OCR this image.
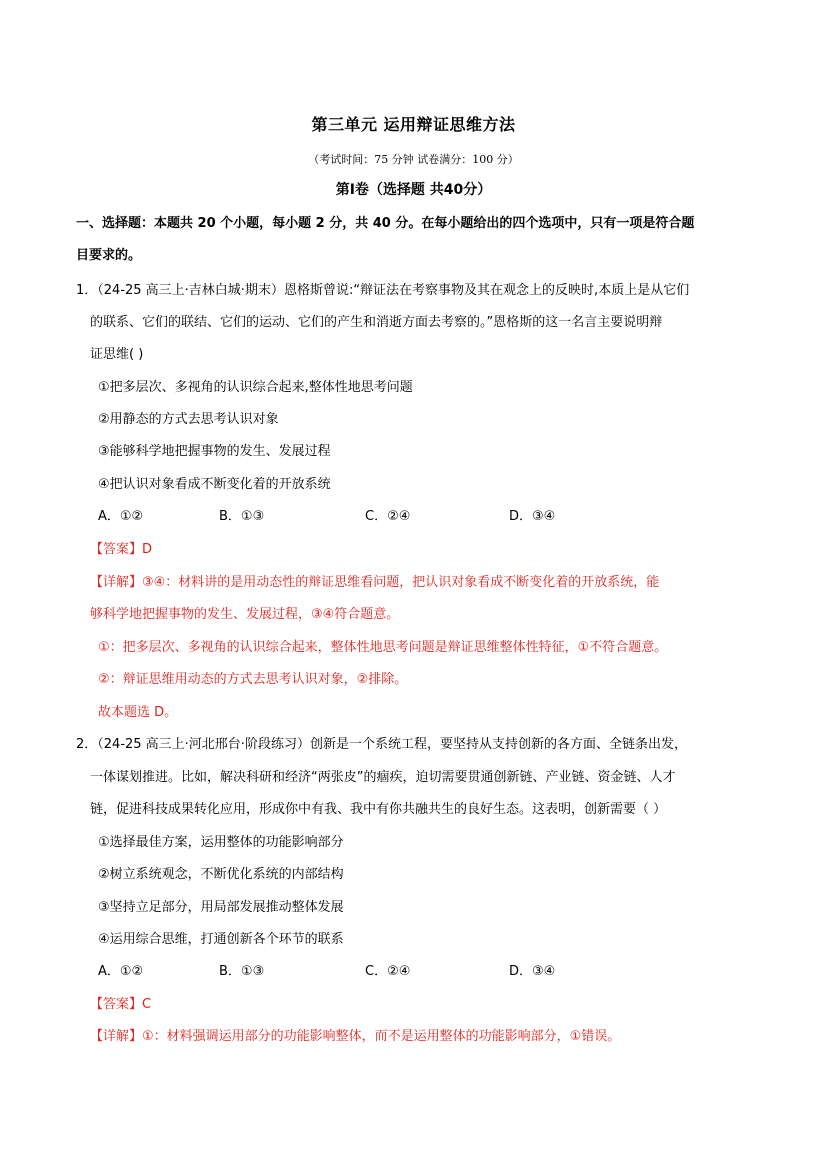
第三单元 运用辩证思维方法
（考试时间：75 分钟 试卷满分：100 分）
第Ⅰ卷（选择题 共40分）
一、选择题：本题共 20 个小题，每小题 2 分，共 40 分。在每小题给出的四个选项中，只有一项是符合题
目要求的。
1．（24-25 高三上·吉林白城·期末）恩格斯曾说:“辩证法在考察事物及其在观念上的反映时,本质上是从它们
的联系、它们的联结、它们的运动、它们的产生和消逝方面去考察的。”恩格斯的这一名言主要说明辩
证思维( )
①把多层次、多视角的认识综合起来,整体性地思考问题
②用静态的方式去思考认识对象
③能够科学地把握事物的发生、发展过程
④把认识对象看成不断变化着的开放系统
A．①②	B．①③	C．②④	D．③④
【答案】D
【详解】③④：材料讲的是用动态性的辩证思维看问题，把认识对象看成不断变化着的开放系统，能
够科学地把握事物的发生、发展过程，③④符合题意。
①：把多层次、多视角的认识综合起来，整体性地思考问题是辩证思维整体性特征，①不符合题意。
②：辩证思维用动态的方式去思考认识对象，②排除。
故本题选 D。
2．（24-25 高三上·河北邢台·阶段练习）创新是一个系统工程，要坚持从支持创新的各方面、全链条出发，
一体谋划推进。比如，解决科研和经济“两张皮”的痼疾，迫切需要贯通创新链、产业链、资金链、人才
链，促进科技成果转化应用，形成你中有我、我中有你共融共生的良好生态。这表明，创新需要（ ）
①选择最佳方案，运用整体的功能影响部分
②树立系统观念，不断优化系统的内部结构
③坚持立足部分，用局部发展推动整体发展
④运用综合思维，打通创新各个环节的联系
A．①②	B．①③	C．②④	D．③④
【答案】C
【详解】①：材料强调运用部分的功能影响整体，而不是运用整体的功能影响部分，①错误。
